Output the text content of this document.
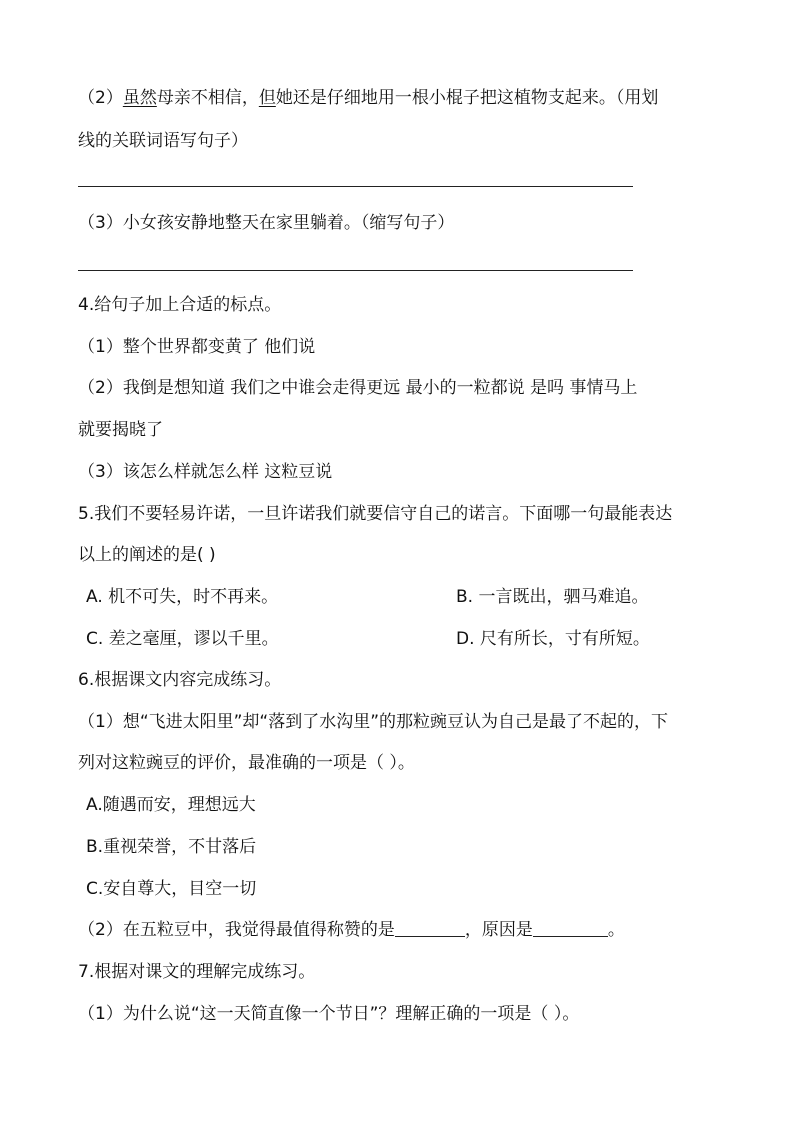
（2）虽然母亲不相信，但她还是仔细地用一根小棍子把这植物支起来。（用划
线的关联词语写句子）
（3）小女孩安静地整天在家里躺着。（缩写句子）
4.给句子加上合适的标点。
（1）整个世界都变黄了 他们说
（2）我倒是想知道 我们之中谁会走得更远 最小的一粒都说 是吗 事情马上
就要揭晓了
（3）该怎么样就怎么样 这粒豆说
5.我们不要轻易许诺，一旦许诺我们就要信守自己的诺言。下面哪一句最能表达
以上的阐述的是( )
A. 机不可失，时不再来。	B. 一言既出，驷马难追。
C. 差之毫厘，谬以千里。	D. 尺有所长，寸有所短。
6.根据课文内容完成练习。
（1）想“飞进太阳里”却“落到了水沟里”的那粒豌豆认为自己是最了不起的，下
列对这粒豌豆的评价，最准确的一项是（ ）。
A.随遇而安，理想远大
B.重视荣誉，不甘落后
C.安自尊大，目空一切
（2）在五粒豆中，我觉得最值得称赞的是	，原因是	。
7.根据对课文的理解完成练习。
（1）为什么说“这一天简直像一个节日”？理解正确的一项是（ ）。
